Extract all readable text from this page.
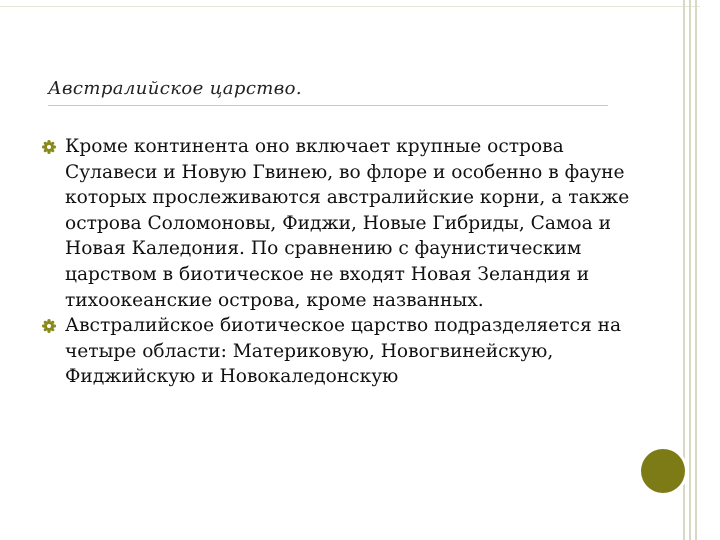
Австралийское царство.

Кроме континента оно включает крупные острова Сулавеси и Новую Гвинею, во флоре и особенно в фауне которых прослеживаются австралийские корни, а также острова Соломоновы, Фиджи, Новые Гибриды, Самоа и Новая Каледония. По сравнению с фаунистическим царством в биотическое не входят Новая Зеландия и тихоокеанские острова, кроме названных.

Австралийское биотическое царство подразделяется на четыре области: Материковую, Новогвинейскую, Фиджийскую и Новокаледонскую
